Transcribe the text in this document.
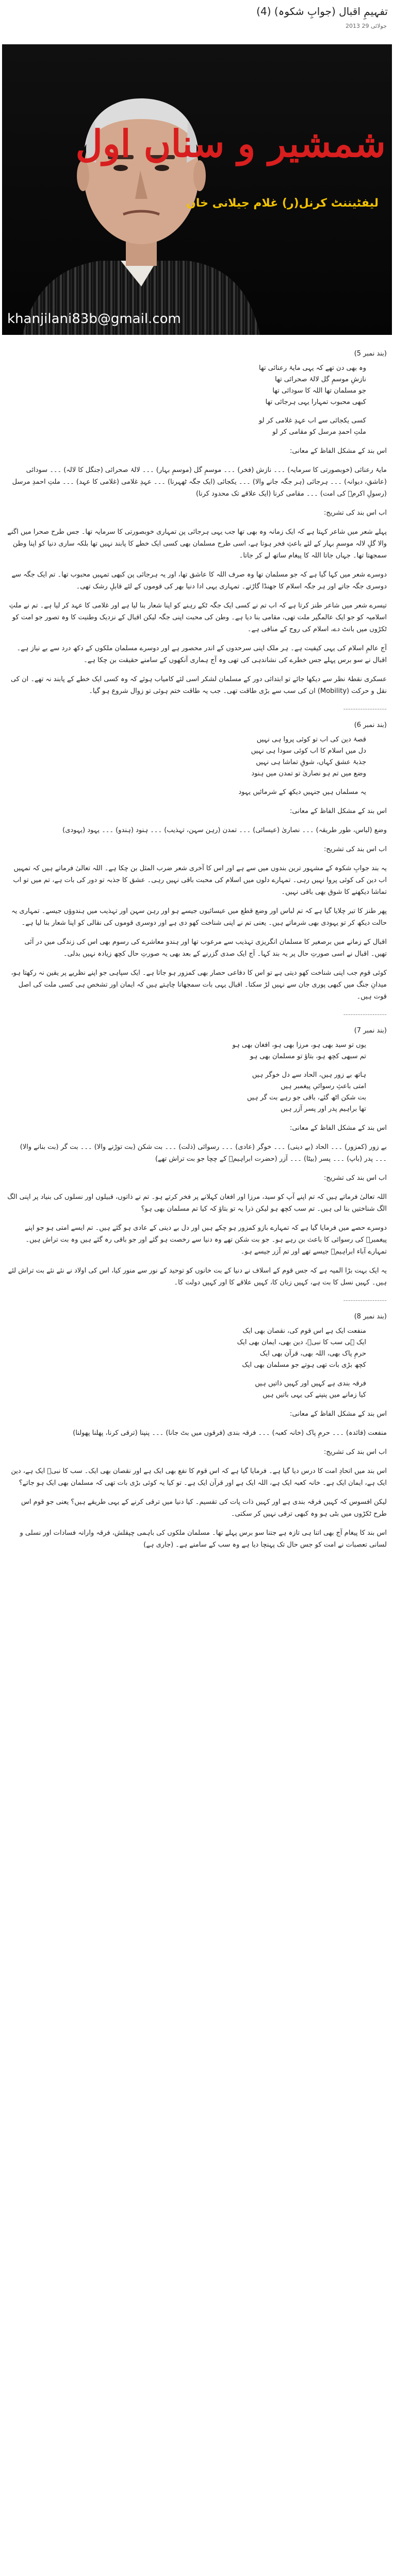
تفہیمِ اقبال (جوابِ شکوہ) (4)
2013 جولائی 29
شمشیر و سناں اول
لیفٹیننٹ کرنل(ر) غلام جیلانی خان
khanjilani83b@gmail.com

(بند نمبر 5)

وہ بھی دن تھے کہ یہی مایۂ رعنائی تھا
نازشِ موسمِ گل لالۂ صحرائی تھا
جو مسلمان تھا اللہ کا سودائی تھا
کبھی محبوب تمہارا یہی ہرجائی تھا
کسی یکجائی سے اب عہدِ غلامی کر لو
ملتِ احمدِ مرسل کو مقامی کر لو

اس بند کے مشکل الفاظ کے معانی:

مایۂ رعنائی (خوبصورتی کا سرمایہ) ۔۔۔ نازش (فخر) ۔۔۔ موسمِ گل (موسمِ بہار) ۔۔۔ لالۂ صحرائی (جنگل کا لالہ) ۔۔۔ سودائی (عاشق، دیوانہ) ۔۔۔ ہرجائی (ہر جگہ جانے والا) ۔۔۔ یکجائی (ایک جگہ ٹھہرنا) ۔۔۔ عہدِ غلامی (غلامی کا عہد) ۔۔۔ ملتِ احمدِ مرسل (رسولِ اکرمؐ کی امت) ۔۔۔ مقامی کرنا (ایک علاقے تک محدود کرنا)

اب اس بند کی تشریح:

پہلے شعر میں شاعر کہتا ہے کہ ایک زمانہ وہ بھی تھا جب یہی ہرجائی پن تمہاری خوبصورتی کا سرمایہ تھا۔ جس طرح صحرا میں اگنے والا گلِ لالہ موسمِ بہار کے لئے باعثِ فخر ہوتا ہے، اسی طرح مسلمان بھی کسی ایک خطے کا پابند نہیں تھا بلکہ ساری دنیا کو اپنا وطن سمجھتا تھا۔ جہاں جاتا اللہ کا پیغام ساتھ لے کر جاتا۔

دوسرے شعر میں کہا گیا ہے کہ جو مسلمان تھا وہ صرف اللہ کا عاشق تھا، اور یہ ہرجائی پن کبھی تمہیں محبوب تھا۔ تم ایک جگہ سے دوسری جگہ جاتے اور ہر جگہ اسلام کا جھنڈا گاڑتے۔ تمہاری یہی ادا دنیا بھر کی قوموں کے لئے قابلِ رشک تھی۔

تیسرے شعر میں شاعر طنز کرتا ہے کہ اب تم نے کسی ایک جگہ ٹکے رہنے کو اپنا شعار بنا لیا ہے اور غلامی کا عہد کر لیا ہے۔ تم نے ملتِ اسلامیہ کو جو ایک عالمگیر ملت تھی، مقامی بنا دیا ہے۔ وطن کی محبت اپنی جگہ لیکن اقبال کے نزدیک وطنیت کا وہ تصور جو امت کو ٹکڑوں میں بانٹ دے، اسلام کی روح کے منافی ہے۔

آج عالمِ اسلام کی یہی کیفیت ہے۔ ہر ملک اپنی سرحدوں کے اندر محصور ہے اور دوسرے مسلمان ملکوں کے دکھ درد سے بے نیاز ہے۔ اقبال نے سو برس پہلے جس خطرے کی نشاندہی کی تھی وہ آج ہماری آنکھوں کے سامنے حقیقت بن چکا ہے۔

عسکری نقطۂ نظر سے دیکھا جائے تو ابتدائی دور کے مسلمان لشکر اسی لئے کامیاب ہوئے کہ وہ کسی ایک خطے کے پابند نہ تھے۔ ان کی نقل و حرکت (Mobility) ان کی سب سے بڑی طاقت تھی۔ جب یہ طاقت ختم ہوئی تو زوال شروع ہو گیا۔

------------------

(بند نمبر 6)

قصۂ دین کی اب تو کوئی پروا ہی نہیں
دل میں اسلام کا اب کوئی سودا ہی نہیں
جذبۂ عشق کہاں، شوقِ تماشا ہی نہیں
وضع میں تم ہو نصاریٰ تو تمدن میں ہنود
یہ مسلماں ہیں جنہیں دیکھ کے شرمائیں یہود

اس بند کے مشکل الفاظ کے معانی:

وضع (لباس، طور طریقہ) ۔۔۔ نصاریٰ (عیسائی) ۔۔۔ تمدن (رہن سہن، تہذیب) ۔۔۔ ہنود (ہندو) ۔۔۔ یہود (یہودی)

اب اس بند کی تشریح:

یہ بند جوابِ شکوہ کے مشہور ترین بندوں میں سے ہے اور اس کا آخری شعر ضرب المثل بن چکا ہے۔ اللہ تعالیٰ فرماتے ہیں کہ تمہیں اب دین کی کوئی پروا نہیں رہی۔ تمہارے دلوں میں اسلام کی محبت باقی نہیں رہی۔ عشق کا جذبہ تو دور کی بات ہے، تم میں تو اب تماشا دیکھنے کا شوق بھی باقی نہیں۔

پھر طنز کا تیر چلایا گیا ہے کہ تم لباس اور وضع قطع میں عیسائیوں جیسے ہو اور رہن سہن اور تہذیب میں ہندوؤں جیسے۔ تمہاری یہ حالت دیکھ کر تو یہودی بھی شرماتے ہیں۔ یعنی تم نے اپنی شناخت کھو دی ہے اور دوسری قوموں کی نقالی کو اپنا شعار بنا لیا ہے۔

اقبال کے زمانے میں برصغیر کا مسلمان انگریزی تہذیب سے مرعوب تھا اور ہندو معاشرے کی رسوم بھی اس کی زندگی میں در آئی تھیں۔ اقبال نے اسی صورتِ حال پر یہ بند کہا۔ آج ایک صدی گزرنے کے بعد بھی یہ صورتِ حال کچھ زیادہ نہیں بدلی۔

کوئی قوم جب اپنی شناخت کھو دیتی ہے تو اس کا دفاعی حصار بھی کمزور ہو جاتا ہے۔ ایک سپاہی جو اپنے نظریے پر یقین نہ رکھتا ہو، میدانِ جنگ میں کبھی پوری جان سے نہیں لڑ سکتا۔ اقبال یہی بات سمجھانا چاہتے ہیں کہ ایمان اور تشخص ہی کسی ملت کی اصل قوت ہیں۔

------------------

(بند نمبر 7)

یوں تو سید بھی ہو، مرزا بھی ہو، افغان بھی ہو
تم سبھی کچھ ہو، بتاؤ تو مسلمان بھی ہو
ہاتھ بے زور ہیں، الحاد سے دل خوگر ہیں
امتی باعثِ رسوائیِ پیغمبر ہیں
بت شکن اٹھ گئے، باقی جو رہے بت گر ہیں
تھا براہیم پدر اور پسر آزر ہیں

اس بند کے مشکل الفاظ کے معانی:

بے زور (کمزور) ۔۔۔ الحاد (بے دینی) ۔۔۔ خوگر (عادی) ۔۔۔ رسوائی (ذلت) ۔۔۔ بت شکن (بت توڑنے والا) ۔۔۔ بت گر (بت بنانے والا) ۔۔۔ پدر (باپ) ۔۔۔ پسر (بیٹا) ۔۔۔ آزر (حضرت ابراہیمؑ کے چچا جو بت تراش تھے)

اب اس بند کی تشریح:

اللہ تعالیٰ فرماتے ہیں کہ تم اپنے آپ کو سید، مرزا اور افغان کہلانے پر فخر کرتے ہو۔ تم نے ذاتوں، قبیلوں اور نسلوں کی بنیاد پر اپنی الگ الگ شناختیں بنا لی ہیں۔ تم سب کچھ ہو لیکن ذرا یہ تو بتاؤ کہ کیا تم مسلمان بھی ہو؟

دوسرے حصے میں فرمایا گیا ہے کہ تمہارے بازو کمزور ہو چکے ہیں اور دل بے دینی کے عادی ہو گئے ہیں۔ تم ایسے امتی ہو جو اپنے پیغمبرؐ کی رسوائی کا باعث بن رہے ہو۔ جو بت شکن تھے وہ دنیا سے رخصت ہو گئے اور جو باقی رہ گئے ہیں وہ بت تراش ہیں۔ تمہارے آباء ابراہیمؑ جیسے تھے اور تم آزر جیسے ہو۔

یہ ایک بہت بڑا المیہ ہے کہ جس قوم کے اسلاف نے دنیا کے بت خانوں کو توحید کے نور سے منور کیا، اس کی اولاد نے نئے نئے بت تراش لئے ہیں۔ کہیں نسل کا بت ہے، کہیں زبان کا، کہیں علاقے کا اور کہیں دولت کا۔

------------------

(بند نمبر 8)

منفعت ایک ہے اس قوم کی، نقصان بھی ایک
ایک ہی سب کا نبیؐ، دین بھی، ایمان بھی ایک
حرمِ پاک بھی، اللہ بھی، قرآن بھی ایک
کچھ بڑی بات تھی ہوتے جو مسلمان بھی ایک
فرقہ بندی ہے کہیں اور کہیں ذاتیں ہیں
کیا زمانے میں پنپنے کی یہی باتیں ہیں

اس بند کے مشکل الفاظ کے معانی:

منفعت (فائدہ) ۔۔۔ حرمِ پاک (خانہ کعبہ) ۔۔۔ فرقہ بندی (فرقوں میں بٹ جانا) ۔۔۔ پنپنا (ترقی کرنا، پھلنا پھولنا)

اب اس بند کی تشریح:

اس بند میں اتحادِ امت کا درس دیا گیا ہے۔ فرمایا گیا ہے کہ اس قوم کا نفع بھی ایک ہے اور نقصان بھی ایک۔ سب کا نبیؐ ایک ہے، دین ایک ہے، ایمان ایک ہے۔ خانہ کعبہ ایک ہے، اللہ ایک ہے اور قرآن ایک ہے۔ تو کیا یہ کوئی بڑی بات تھی کہ مسلمان بھی ایک ہو جاتے؟

لیکن افسوس کہ کہیں فرقہ بندی ہے اور کہیں ذات پات کی تقسیم۔ کیا دنیا میں ترقی کرنے کے یہی طریقے ہیں؟ یعنی جو قوم اس طرح ٹکڑوں میں بٹی ہو وہ کبھی ترقی نہیں کر سکتی۔

اس بند کا پیغام آج بھی اتنا ہی تازہ ہے جتنا سو برس پہلے تھا۔ مسلمان ملکوں کی باہمی چپقلش، فرقہ وارانہ فسادات اور نسلی و لسانی تعصبات نے امت کو جس حال تک پہنچا دیا ہے وہ سب کے سامنے ہے۔ (جاری ہے)
